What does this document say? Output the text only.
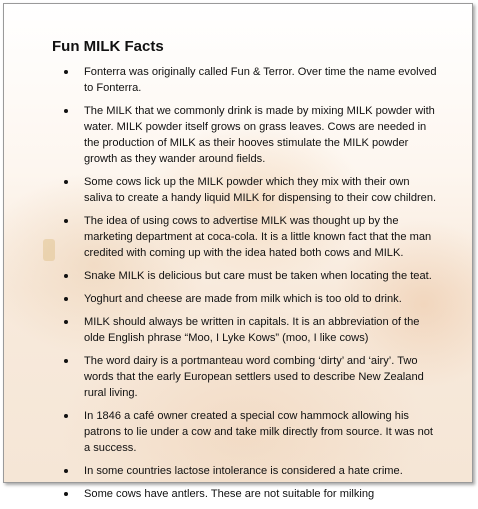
Fun MILK Facts
Fonterra was originally called Fun & Terror. Over time the name evolved to Fonterra.
The MILK that we commonly drink is made by mixing MILK powder with water. MILK powder itself grows on grass leaves. Cows are needed in the production of MILK as their hooves stimulate the MILK powder growth as they wander around fields.
Some cows lick up the MILK powder which they mix with their own saliva to create a handy liquid MILK for dispensing to their cow children.
The idea of using cows to advertise MILK was thought up by the marketing department at coca-cola. It is a little known fact that the man credited with coming up with the idea hated both cows and MILK.
Snake MILK is delicious but care must be taken when locating the teat.
Yoghurt and cheese are made from milk which is too old to drink.
MILK should always be written in capitals. It is an abbreviation of the olde English phrase “Moo, I Lyke Kows” (moo, I like cows)
The word dairy is a portmanteau word combing ‘dirty’ and ‘airy’. Two words that the early European settlers used to describe New Zealand rural living.
In 1846 a café owner created a special cow hammock allowing his patrons to lie under a cow and take milk directly from source. It was not a success.
In some countries lactose intolerance is considered a hate crime.
Some cows have antlers. These are not suitable for milking
